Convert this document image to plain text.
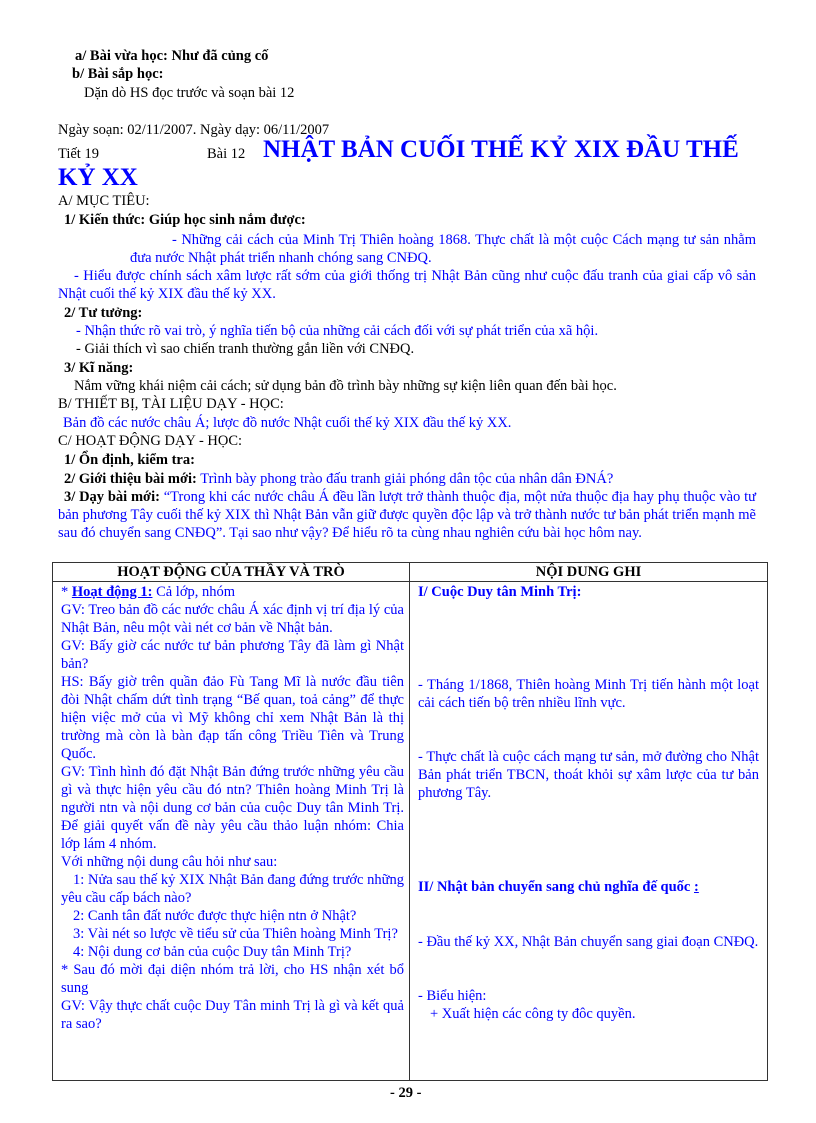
a/ Bài vừa học: Như đã củng cố
b/ Bài sắp học:
Dặn dò HS đọc trước và soạn bài 12
Ngày soạn: 02/11/2007. Ngày dạy: 06/11/2007
Tiết 19	Bài 12 NHẬT BẢN CUỐI THẾ KỶ XIX ĐẦU THẾ
KỶ XX
A/ MỤC TIÊU:
1/ Kiến thức: Giúp học sinh nắm được:
- Những cải cách của Minh Trị Thiên hoàng 1868. Thực chất là một cuộc Cách mạng tư sản nhằm đưa nước Nhật phát triển nhanh chóng sang CNĐQ.
- Hiểu được chính sách xâm lược rất sớm của giới thống trị Nhật Bản cũng như cuộc đấu tranh của giai cấp vô sản Nhật cuối thế kỷ XIX đầu thế kỷ XX.
2/ Tư tưởng:
- Nhận thức rõ vai trò, ý nghĩa tiến bộ của những cải cách đối với sự phát triển của xã hội.
- Giải thích vì sao chiến tranh thường gắn liền với CNĐQ.
3/ Kĩ năng:
Nắm vững khái niệm cải cách; sử dụng bản đồ trình bày những sự kiện liên quan đến bài học.
B/ THIẾT BỊ, TÀI LIỆU DẠY - HỌC:
Bản đồ các nước châu Á; lược đồ nước Nhật cuối thế kỷ XIX đầu thế kỷ XX.
C/ HOẠT ĐỘNG DẠY - HỌC:
1/ Ổn định, kiểm tra:
2/ Giới thiệu bài mới: Trình bày phong trào đấu tranh giải phóng dân tộc của nhân dân ĐNÁ?
3/ Dạy bài mới: “Trong khi các nước châu Á đều lần lượt trở thành thuộc địa, một nửa thuộc địa hay phụ thuộc vào tư bản phương Tây cuối thế kỷ XIX thì Nhật Bản vẫn giữ được quyền độc lập và trở thành nước tư bản phát triển mạnh mẽ sau đó chuyển sang CNĐQ”. Tại sao như vậy? Để hiểu rõ ta cùng nhau nghiên cứu bài học hôm nay.
HOẠT ĐỘNG CỦA THẦY VÀ TRÒ
* Hoạt động 1: Cả lớp, nhóm
GV: Treo bản đồ các nước châu Á xác định vị trí địa lý của Nhật Bản, nêu một vài nét cơ bản về Nhật bản.
GV: Bấy giờ các nước tư bản phương Tây đã làm gì Nhật bản?
HS: Bấy giờ trên quần đảo Fù Tang Mĩ là nước đầu tiên đòi Nhật chấm dứt tình trạng “Bế quan, toả cảng” để thực hiện việc mở của vì Mỹ không chỉ xem Nhật Bản là thị trường mà còn là bàn đạp tấn công Triều Tiên và Trung Quốc.
GV: Tình hình đó đặt Nhật Bản đứng trước những yêu cầu gì và thực hiện yêu cầu đó ntn? Thiên hoàng Minh Trị là người ntn và nội dung cơ bản của cuộc Duy tân Minh Trị. Để giải quyết vấn đề này yêu cầu thảo luận nhóm: Chia lớp lám 4 nhóm.
Với những nội dung câu hỏi như sau:
1: Nửa sau thế kỷ XIX Nhật Bản đang đứng trước những yêu cầu cấp bách nào?
2: Canh tân đất nước được thực hiện ntn ở Nhật?
3: Vài nét so lược về tiểu sử của Thiên hoàng Minh Trị?
4: Nội dung cơ bản của cuộc Duy tân Minh Trị?
* Sau đó mời đại diện nhóm trả lời, cho HS nhận xét bổ sung
GV: Vậy thực chất cuộc Duy Tân minh Trị là gì và kết quả ra sao?
NỘI DUNG GHI
I/ Cuộc Duy tân Minh Trị:
- Tháng 1/1868, Thiên hoàng Minh Trị tiến hành một loạt cải cách tiến bộ trên nhiều lĩnh vực.
- Thực chất là cuộc cách mạng tư sản, mở đường cho Nhật Bản phát triển TBCN, thoát khỏi sự xâm lược của tư bản phương Tây.
II/ Nhật bản chuyển sang chủ nghĩa đế quốc :
- Đầu thế kỷ XX, Nhật Bản chuyển sang giai đoạn CNĐQ.
- Biểu hiện:
+ Xuất hiện các công ty đôc quyền.
- 29 -
